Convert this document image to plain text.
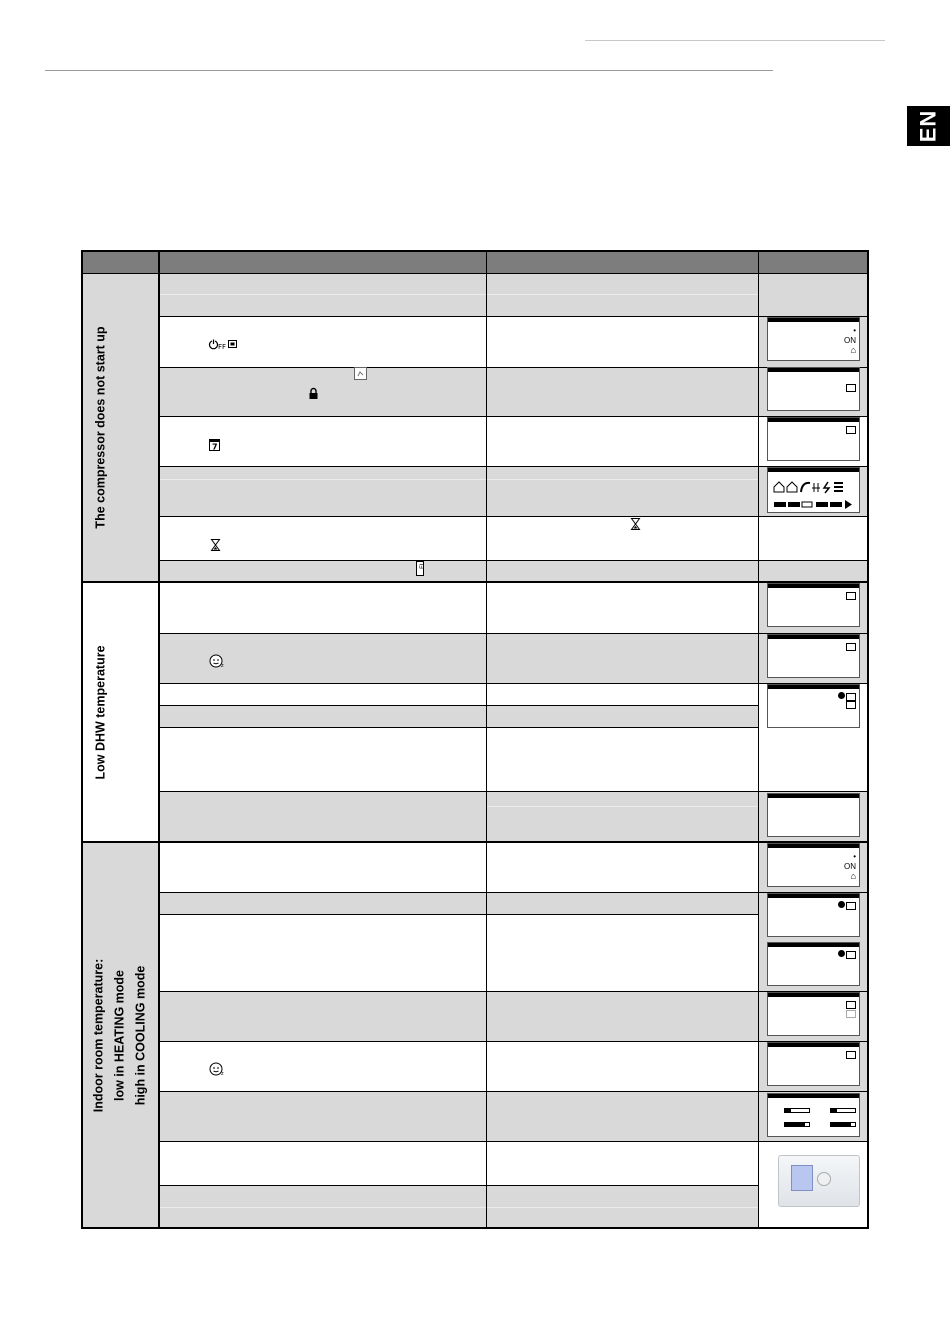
EN
The compressor does not start up
Low DHW temperature
Indoor room temperature: low in HEATING mode high in COOLING mode
FF
7
EU
z
z
•
ON
⌂
•
ON
⌂
